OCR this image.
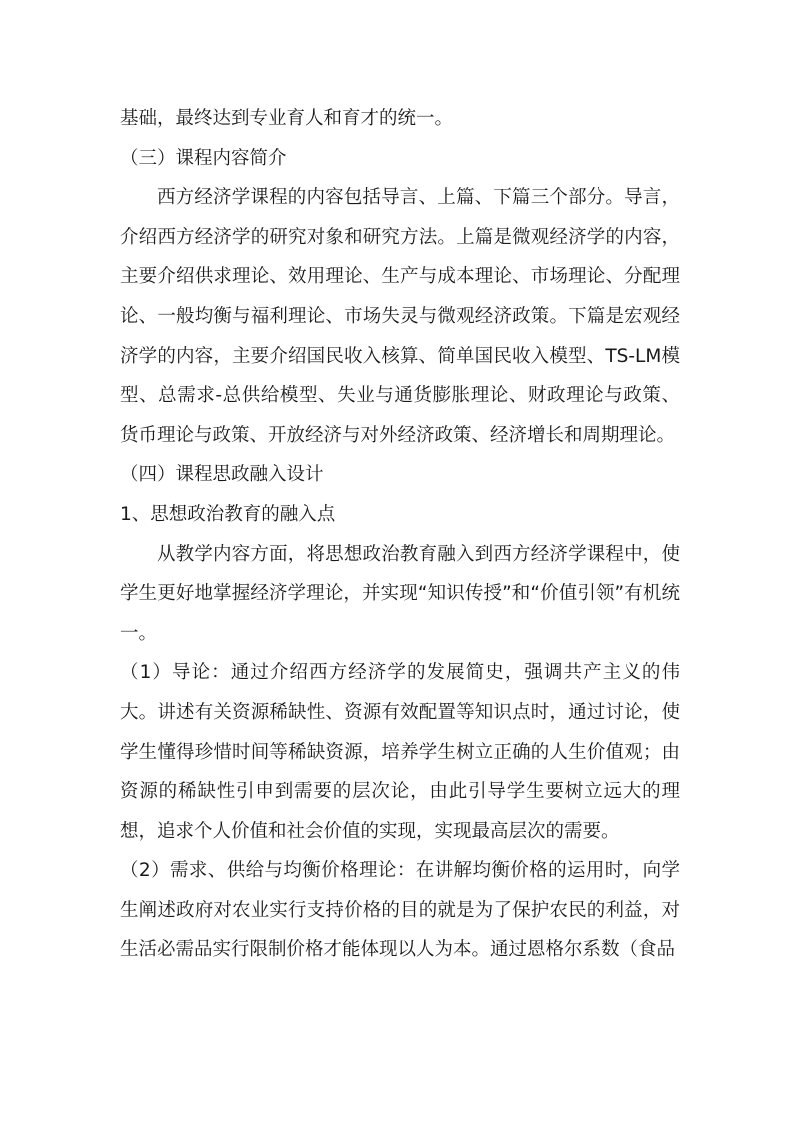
基础，最终达到专业育人和育才的统一。

（三）课程内容简介

西方经济学课程的内容包括导言、上篇、下篇三个部分。导言，介绍西方经济学的研究对象和研究方法。上篇是微观经济学的内容，主要介绍供求理论、效用理论、生产与成本理论、市场理论、分配理论、一般均衡与福利理论、市场失灵与微观经济政策。下篇是宏观经济学的内容，主要介绍国民收入核算、简单国民收入模型、TS-LM模型、总需求-总供给模型、失业与通货膨胀理论、财政理论与政策、货币理论与政策、开放经济与对外经济政策、经济增长和周期理论。

（四）课程思政融入设计

1、思想政治教育的融入点

从教学内容方面，将思想政治教育融入到西方经济学课程中，使学生更好地掌握经济学理论，并实现“知识传授”和“价值引领”有机统一。

（1）导论：通过介绍西方经济学的发展简史，强调共产主义的伟大。讲述有关资源稀缺性、资源有效配置等知识点时，通过讨论，使学生懂得珍惜时间等稀缺资源，培养学生树立正确的人生价值观；由资源的稀缺性引申到需要的层次论，由此引导学生要树立远大的理想，追求个人价值和社会价值的实现，实现最高层次的需要。

（2）需求、供给与均衡价格理论：在讲解均衡价格的运用时，向学生阐述政府对农业实行支持价格的目的就是为了保护农民的利益，对生活必需品实行限制价格才能体现以人为本。通过恩格尔系数（食品
